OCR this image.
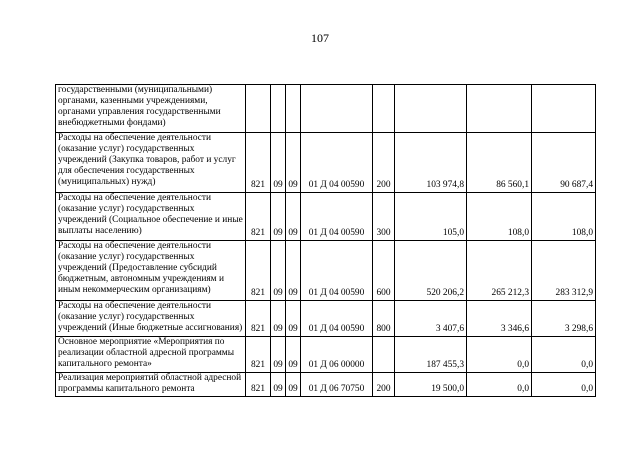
107
государственными (муниципальными) органами, казенными учреждениями, органами управления государственными внебюджетными фондами)								
Расходы на обеспечение деятельности (оказание услуг) государственных учреждений (Закупка товаров, работ и услуг для обеспечения государственных (муниципальных) нужд)	821	09	09	01 Д 04 00590	200	103 974,8	86 560,1	90 687,4
Расходы на обеспечение деятельности (оказание услуг) государственных учреждений (Социальное обеспечение и иные выплаты населению)	821	09	09	01 Д 04 00590	300	105,0	108,0	108,0
Расходы на обеспечение деятельности (оказание услуг) государственных учреждений (Предоставление субсидий бюджетным, автономным учреждениям и иным некоммерческим организациям)	821	09	09	01 Д 04 00590	600	520 206,2	265 212,3	283 312,9
Расходы на обеспечение деятельности (оказание услуг) государственных учреждений (Иные бюджетные ассигнования)	821	09	09	01 Д 04 00590	800	3 407,6	3 346,6	3 298,6
Основное мероприятие «Мероприятия по реализации областной адресной программы капитального ремонта»	821	09	09	01 Д 06 00000		187 455,3	0,0	0,0
Реализация мероприятий областной адресной программы капитального ремонта	821	09	09	01 Д 06 70750	200	19 500,0	0,0	0,0
